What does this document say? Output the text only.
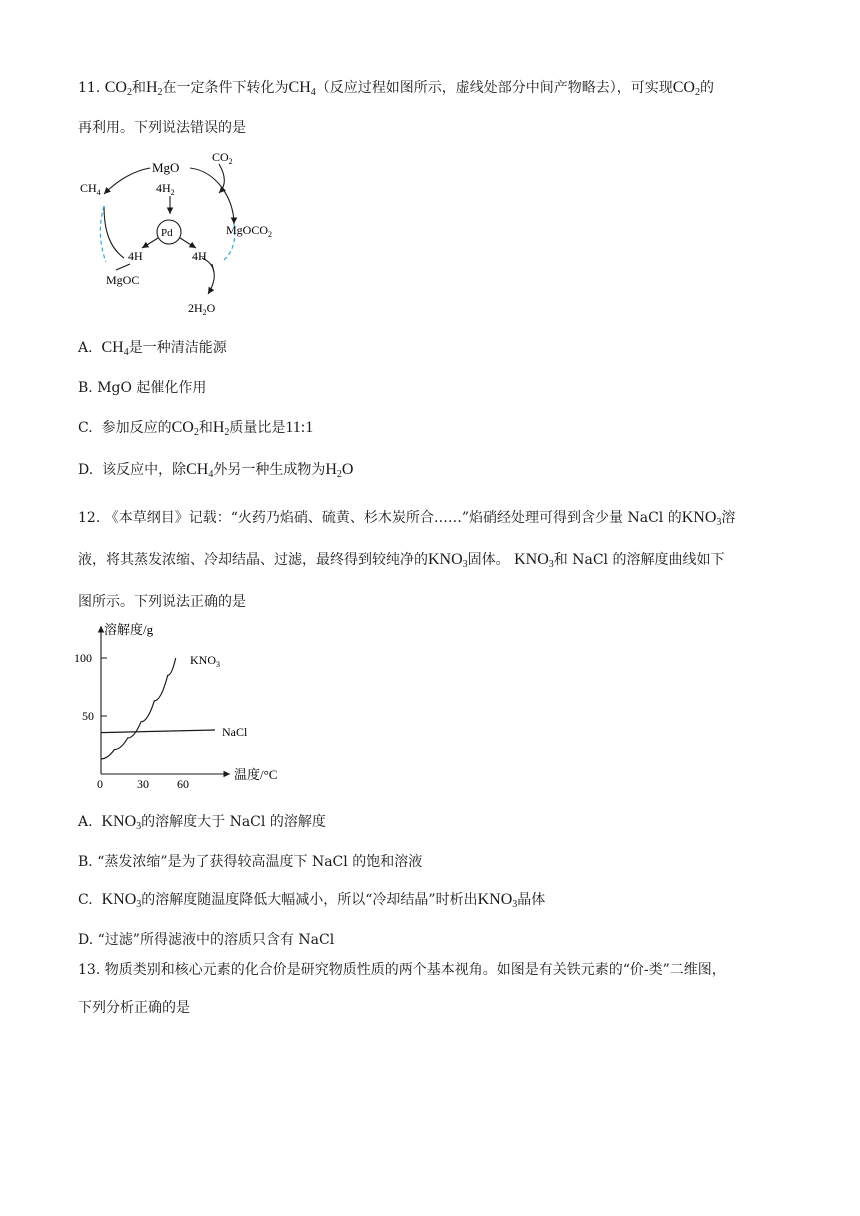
11. $CO_2$和$H_2$在一定条件下转化为$CH_4$（反应过程如图所示，虚线处部分中间产物略去），可实现$CO_2$的
再利用。下列说法错误的是
MgO
$CO_2$
$4H_2$
Pd	MgOCO$_2$
$CH_4$
4H	4H
MgOC
$2H_2O$
A. $CH_4$是一种清洁能源
B. MgO 起催化作用
C. 参加反应的$CO_2$和$H_2$质量比是11:1
D. 该反应中，除$CH_4$外另一种生成物为$H_2O$
12. 《本草纲目》记载：“火药乃焰硝、硫黄、杉木炭所合……”焰硝经处理可得到含少量 NaCl 的$KNO_3$溶
液，将其蒸发浓缩、冷却结晶、过滤，最终得到较纯净的$KNO_3$固体。 $KNO_3$和 NaCl 的溶解度曲线如下
图所示。下列说法正确的是
溶解度/g
温度/°C
100
50
0	30 60
$KNO_3$
NaCl
A. $KNO_3$的溶解度大于 NaCl 的溶解度
B. “蒸发浓缩”是为了获得较高温度下 NaCl 的饱和溶液
C. $KNO_3$的溶解度随温度降低大幅减小，所以“冷却结晶”时析出$KNO_3$晶体
D. “过滤”所得滤液中的溶质只含有 NaCl
13. 物质类别和核心元素的化合价是研究物质性质的两个基本视角。如图是有关铁元素的“价-类”二维图，
下列分析正确的是
